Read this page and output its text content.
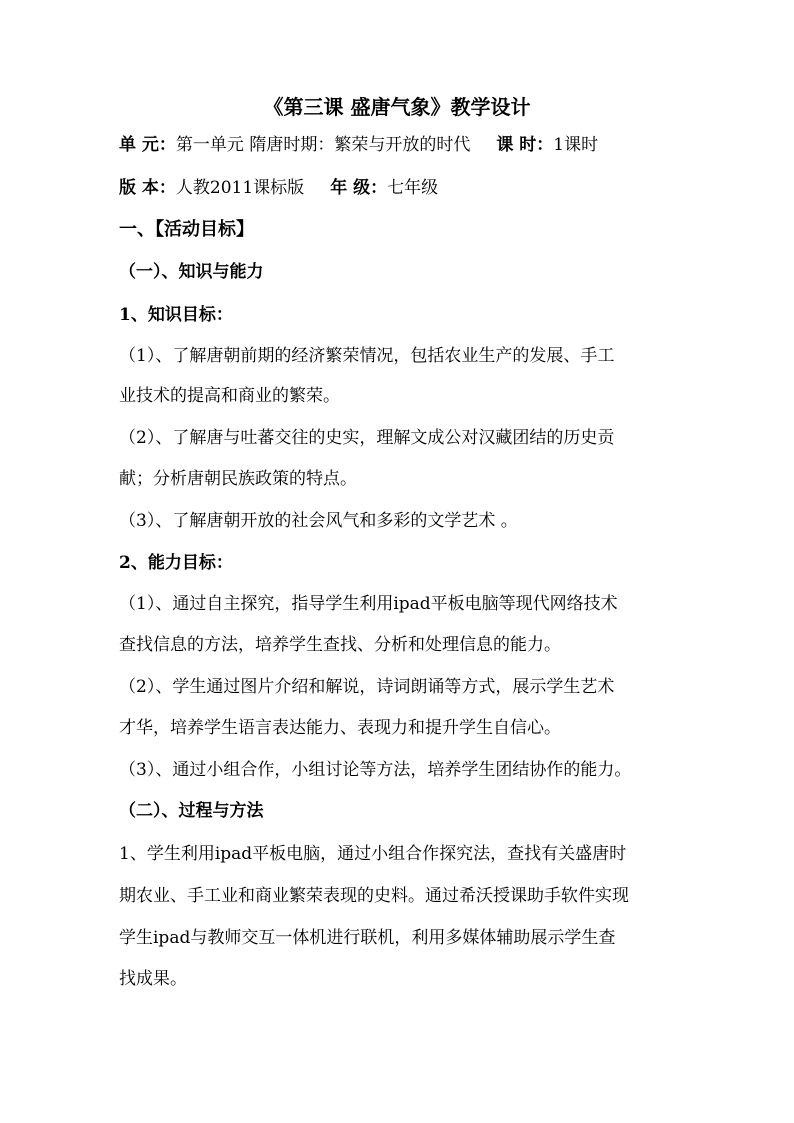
《第三课 盛唐气象》教学设计
单 元：第一单元 隋唐时期：繁荣与开放的时代 课 时：1课时
版 本：人教2011课标版 年 级：七年级
一、【活动目标】
（一）、知识与能力
1、知识目标：
（1）、了解唐朝前期的经济繁荣情况，包括农业生产的发展、手工
业技术的提高和商业的繁荣。
（2）、了解唐与吐蕃交往的史实，理解文成公对汉藏团结的历史贡
献；分析唐朝民族政策的特点。
（3）、了解唐朝开放的社会风气和多彩的文学艺术 。
2、能力目标：
（1）、通过自主探究，指导学生利用ipad平板电脑等现代网络技术
查找信息的方法，培养学生查找、分析和处理信息的能力。
（2）、学生通过图片介绍和解说，诗词朗诵等方式，展示学生艺术
才华，培养学生语言表达能力、表现力和提升学生自信心。
（3）、通过小组合作，小组讨论等方法，培养学生团结协作的能力。
（二）、过程与方法
1、学生利用ipad平板电脑，通过小组合作探究法，查找有关盛唐时
期农业、手工业和商业繁荣表现的史料。通过希沃授课助手软件实现
学生ipad与教师交互一体机进行联机，利用多媒体辅助展示学生查
找成果。
